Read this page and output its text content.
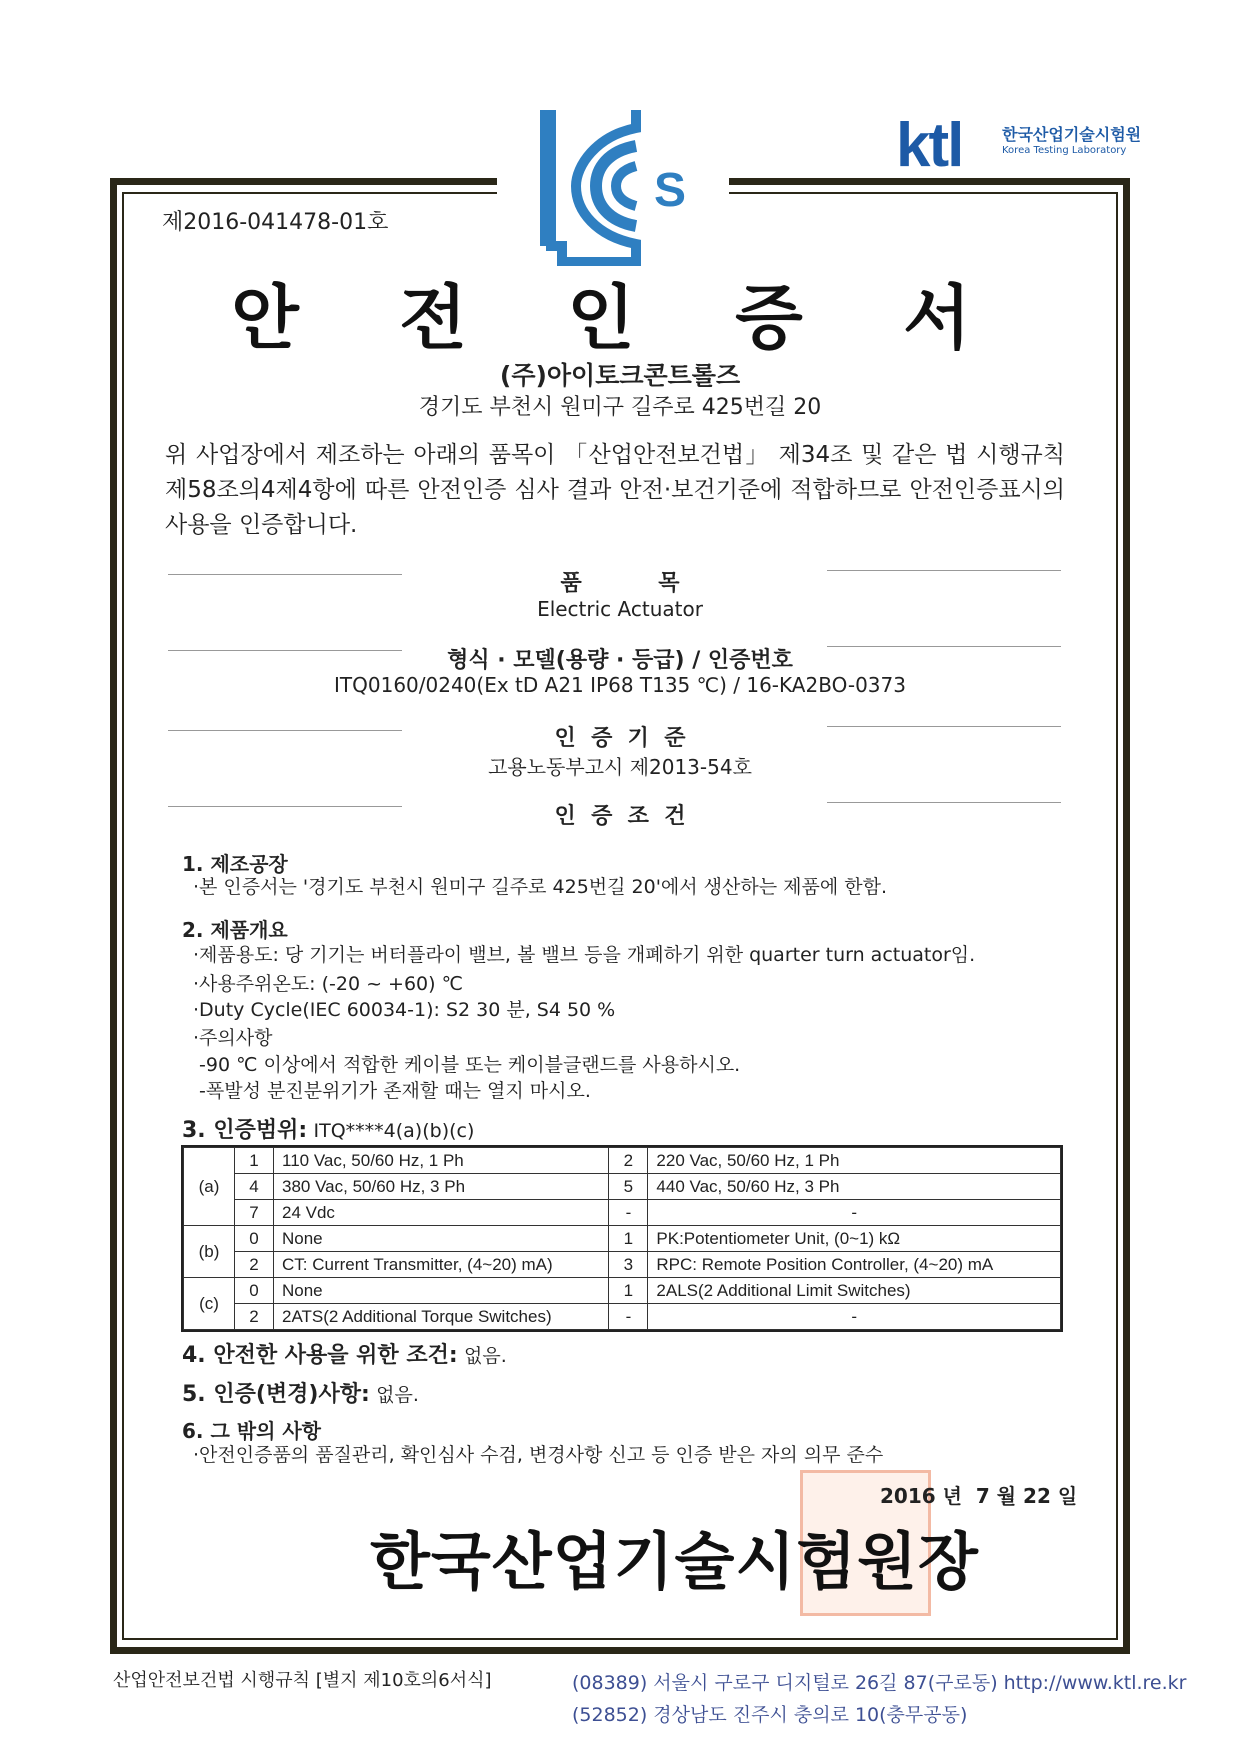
S
ktl 한국산업기술시험원
Korea Testing Laboratory
제2016-041478-01호
안 전 인 증 서
(주)아이토크콘트롤즈
경기도 부천시 원미구 길주로 425번길 20
위 사업장에서 제조하는 아래의 품목이 「산업안전보건법」 제34조 및 같은 법 시행규칙 제58조의4제4항에 따른 안전인증 심사 결과 안전·보건기준에 적합하므로 안전인증표시의 사용을 인증합니다.
품          목
Electric Actuator
형식 · 모델(용량 · 등급) / 인증번호
ITQ0160/0240(Ex tD A21 IP68 T135 ℃) / 16-KA2BO-0373
인  증  기  준
고용노동부고시 제2013-54호
인  증  조  건
1. 제조공장
·본 인증서는 '경기도 부천시 원미구 길주로 425번길 20'에서 생산하는 제품에 한함.
2. 제품개요
·제품용도: 당 기기는 버터플라이 밸브, 볼 밸브 등을 개폐하기 위한 quarter turn actuator임.
·사용주위온도: (-20 ~ +60) ℃
·Duty Cycle(IEC 60034-1): S2 30 분, S4 50 %
·주의사항
-90 ℃ 이상에서 적합한 케이블 또는 케이블글랜드를 사용하시오.
-폭발성 분진분위기가 존재할 때는 열지 마시오.
3. 인증범위: ITQ****4(a)(b)(c)
(a)	1	110 Vac, 50/60 Hz, 1 Ph	2	220 Vac, 50/60 Hz, 1 Ph
	4	380 Vac, 50/60 Hz, 3 Ph	5	440 Vac, 50/60 Hz, 3 Ph
	7	24 Vdc	-	-
(b)	0	None	1	PK:Potentiometer Unit, (0~1) kΩ
	2	CT: Current Transmitter, (4~20) mA)	3	RPC: Remote Position Controller, (4~20) mA
(c)	0	None	1	2ALS(2 Additional Limit Switches)
	2	2ATS(2 Additional Torque Switches)	-	-
4. 안전한 사용을 위한 조건: 없음.
5. 인증(변경)사항: 없음.
6. 그 밖의 사항
·안전인증품의 품질관리, 확인심사 수검, 변경사항 신고 등 인증 받은 자의 의무 준수
2016 년  7 월 22 일
한국산업기술시험원장
산업안전보건법 시행규칙 [별지 제10호의6서식]	(08389) 서울시 구로구 디지털로 26길 87(구로동) http://www.ktl.re.kr
(52852) 경상남도 진주시 충의로 10(충무공동)
